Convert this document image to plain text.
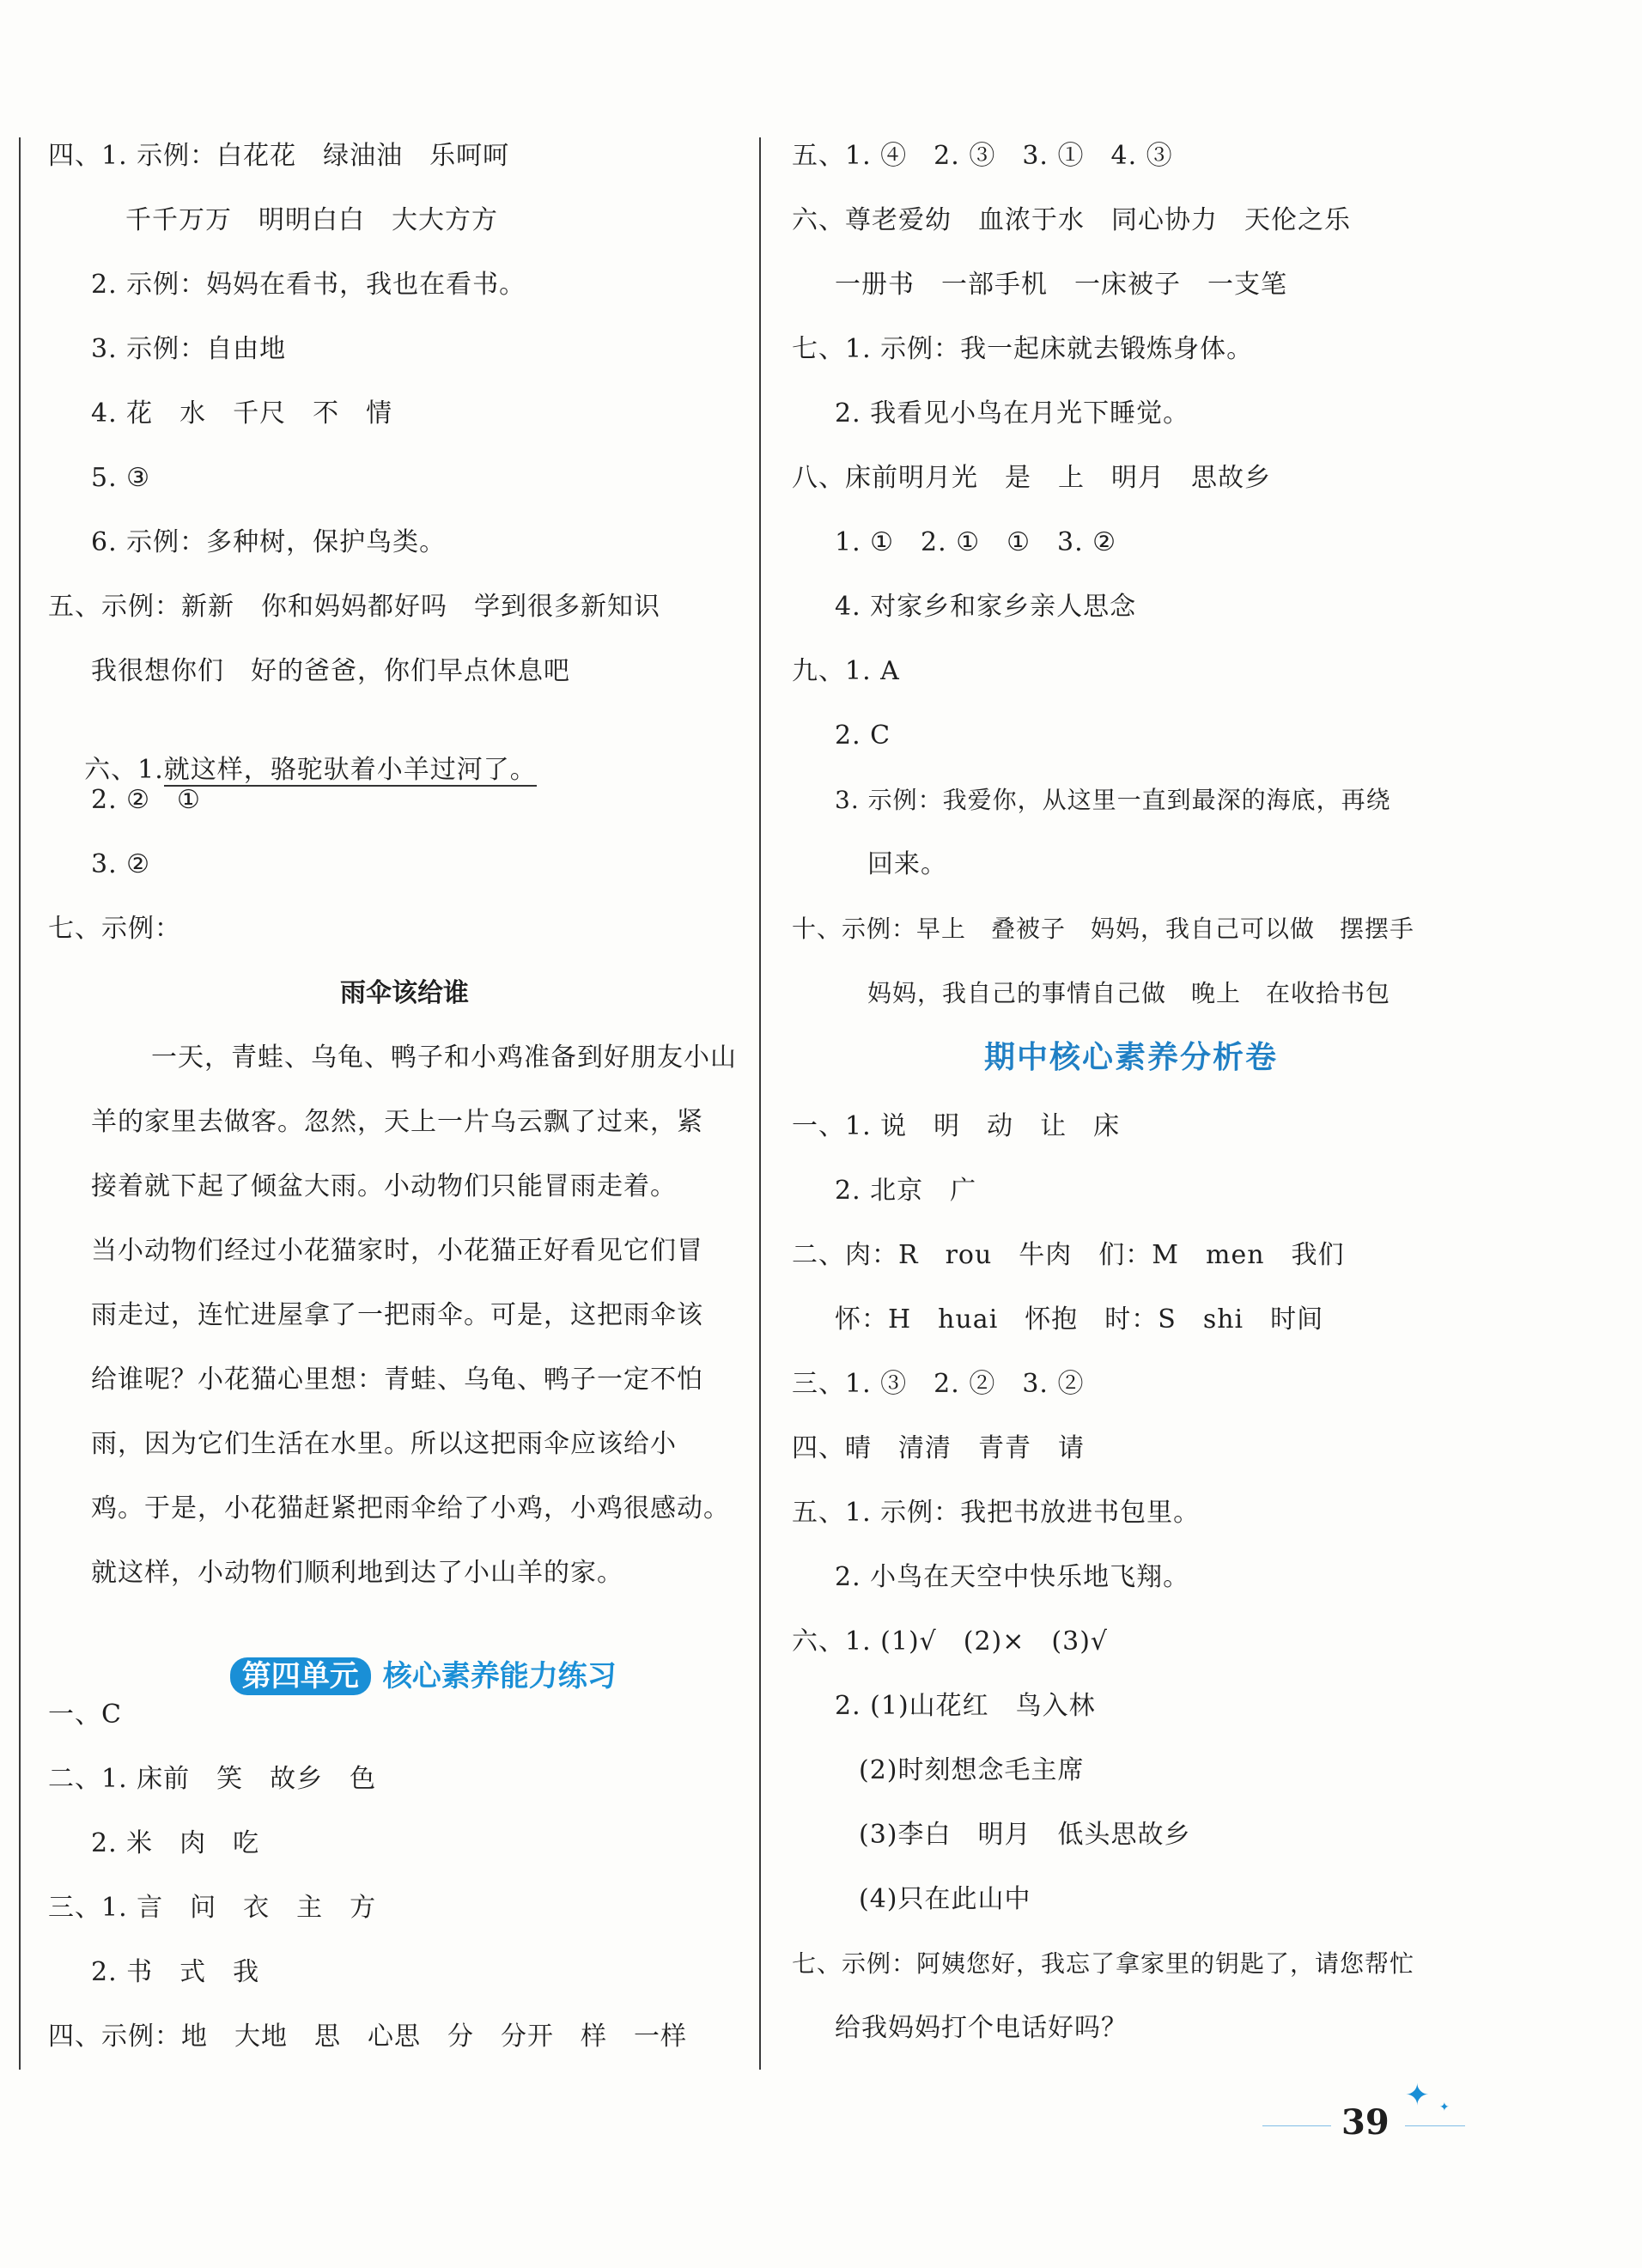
四、1. 示例：白花花　绿油油　乐呵呵
千千万万　明明白白　大大方方
2. 示例：妈妈在看书，我也在看书。
3. 示例：自由地
4. 花　水　千尺　不　情
5. ③
6. 示例：多种树，保护鸟类。
五、示例：新新　你和妈妈都好吗　学到很多新知识
我很想你们　好的爸爸，你们早点休息吧

六、1.就这样，骆驼驮着小羊过河了。

2. ②　①
3. ②
七、示例：
雨伞该给谁
一天，青蛙、乌龟、鸭子和小鸡准备到好朋友小山
羊的家里去做客。忽然，天上一片乌云飘了过来，紧
接着就下起了倾盆大雨。小动物们只能冒雨走着。
当小动物们经过小花猫家时，小花猫正好看见它们冒
雨走过，连忙进屋拿了一把雨伞。可是，这把雨伞该
给谁呢？小花猫心里想：青蛙、乌龟、鸭子一定不怕
雨，因为它们生活在水里。所以这把雨伞应该给小
鸡。于是，小花猫赶紧把雨伞给了小鸡，小鸡很感动。
就这样，小动物们顺利地到达了小山羊的家。

第四单元 核心素养能力练习

一、C
二、1. 床前　笑　故乡　色
2. 米　肉　吃
三、1. 言　问　衣　主　方
2. 书　式　我
四、示例：地　大地　思　心思　分　分开　样　一样
五、1. ④　2. ③　3. ①　4. ③
六、尊老爱幼　血浓于水　同心协力　天伦之乐
一册书　一部手机　一床被子　一支笔
七、1. 示例：我一起床就去锻炼身体。
2. 我看见小鸟在月光下睡觉。
八、床前明月光　是　上　明月　思故乡
1. ①　2. ①　①　3. ②
4. 对家乡和家乡亲人思念
九、1. A
2. C
3. 示例：我爱你，从这里一直到最深的海底，再绕
回来。
十、示例：早上　叠被子　妈妈，我自己可以做　摆摆手
妈妈，我自己的事情自己做　晚上　在收拾书包
期中核心素养分析卷
一、1. 说　明　动　让　床
2. 北京　广
二、肉：R　rou　牛肉　们：M　men　我们
怀：H　huai　怀抱　时：S　shi　时间
三、1. ③　2. ②　3. ②
四、晴　清清　青青　请
五、1. 示例：我把书放进书包里。
2. 小鸟在天空中快乐地飞翔。
六、1. (1)√　(2)×　(3)√
2. (1)山花红　鸟入林
(2)时刻想念毛主席
(3)李白　明月　低头思故乡
(4)只在此山中
七、示例：阿姨您好，我忘了拿家里的钥匙了，请您帮忙
给我妈妈打个电话好吗？
39
✦ ✦
